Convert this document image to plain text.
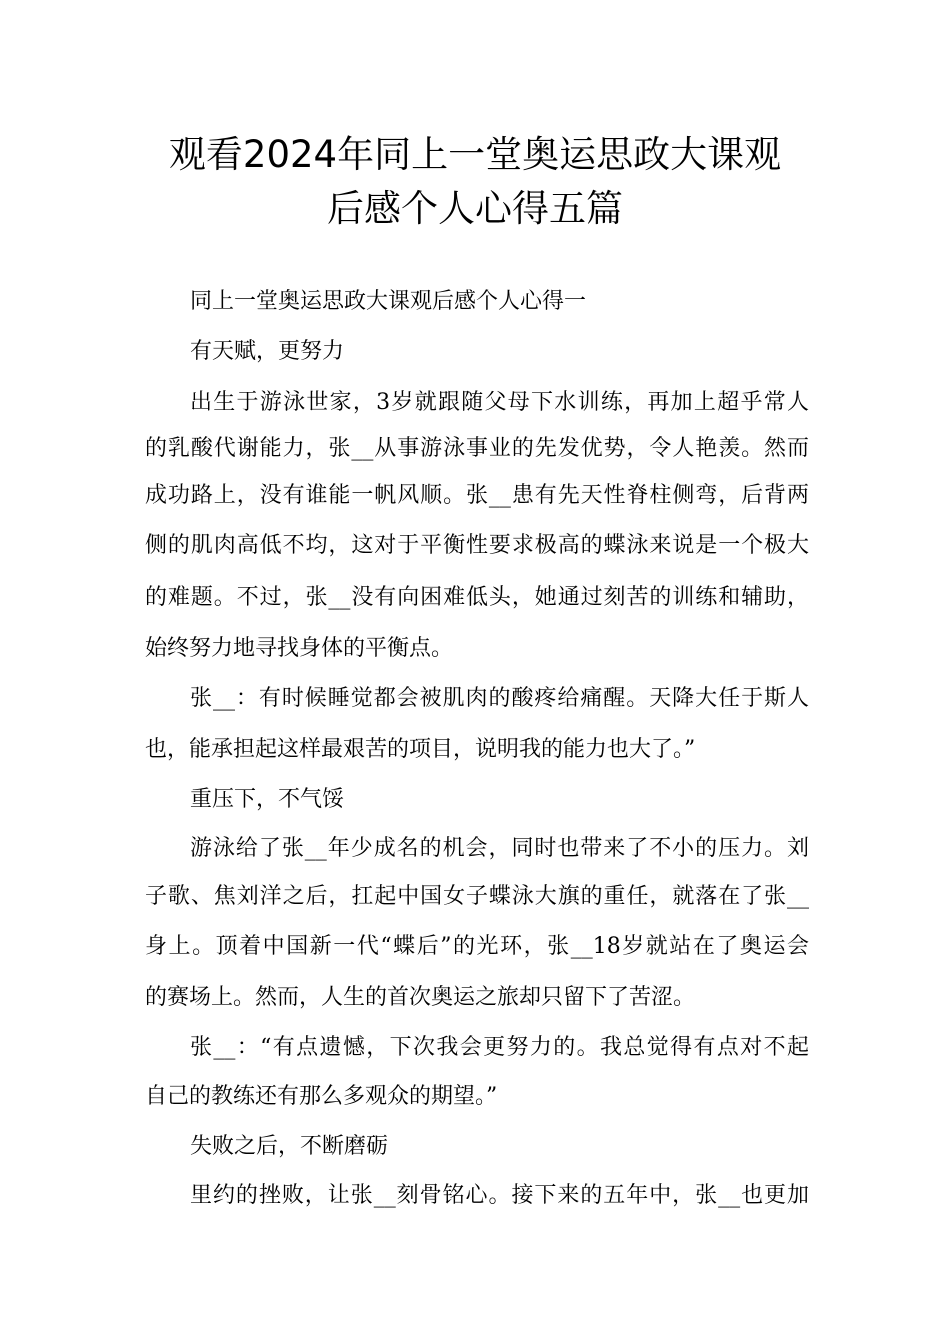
观看2024年同上一堂奥运思政大课观
后感个人心得五篇
同上一堂奥运思政大课观后感个人心得一
有天赋，更努力
出生于游泳世家，3岁就跟随父母下水训练，再加上超乎常人
的乳酸代谢能力，张__从事游泳事业的先发优势，令人艳羡。然而
成功路上，没有谁能一帆风顺。张__患有先天性脊柱侧弯，后背两
侧的肌肉高低不均，这对于平衡性要求极高的蝶泳来说是一个极大
的难题。不过，张__没有向困难低头，她通过刻苦的训练和辅助，
始终努力地寻找身体的平衡点。
张__：有时候睡觉都会被肌肉的酸疼给痛醒。天降大任于斯人
也，能承担起这样最艰苦的项目，说明我的能力也大了。”
重压下，不气馁
游泳给了张__年少成名的机会，同时也带来了不小的压力。刘
子歌、焦刘洋之后，扛起中国女子蝶泳大旗的重任，就落在了张__
身上。顶着中国新一代“蝶后”的光环，张__18岁就站在了奥运会
的赛场上。然而，人生的首次奥运之旅却只留下了苦涩。
张__：“有点遗憾，下次我会更努力的。我总觉得有点对不起
自己的教练还有那么多观众的期望。”
失败之后，不断磨砺
里约的挫败，让张__刻骨铭心。接下来的五年中，张__也更加
